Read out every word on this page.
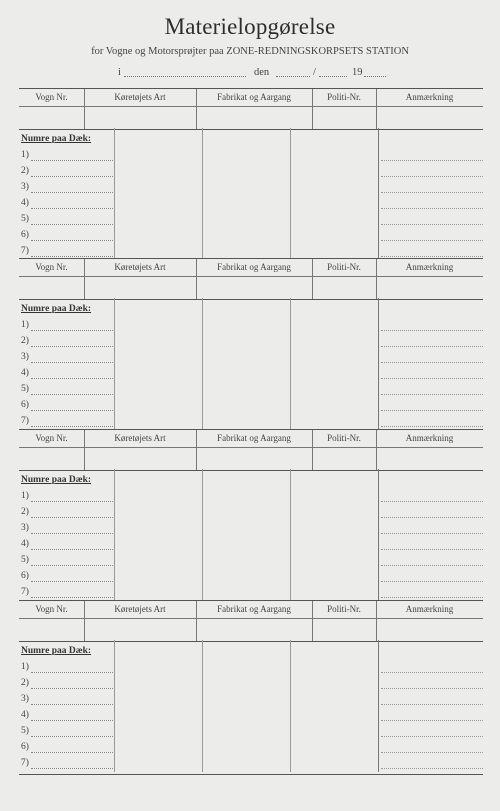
Materielopgørelse
for Vogne og Motorsprøjter paa ZONE-REDNINGSKORPSETS STATION
i	den	/	19
Vogn Nr.	Køretøjets Art	Fabrikat og Aargang	Politi-Nr.	Anmærkning
Numre paa Dæk:
1)
2)
3)
4)
5)
6)
7)
Vogn Nr.	Køretøjets Art	Fabrikat og Aargang	Politi-Nr.	Anmærkning
Numre paa Dæk:
1)
2)
3)
4)
5)
6)
7)
Vogn Nr.	Køretøjets Art	Fabrikat og Aargang	Politi-Nr.	Anmærkning
Numre paa Dæk:
1)
2)
3)
4)
5)
6)
7)
Vogn Nr.	Køretøjets Art	Fabrikat og Aargang	Politi-Nr.	Anmærkning
Numre paa Dæk:
1)
2)
3)
4)
5)
6)
7)
